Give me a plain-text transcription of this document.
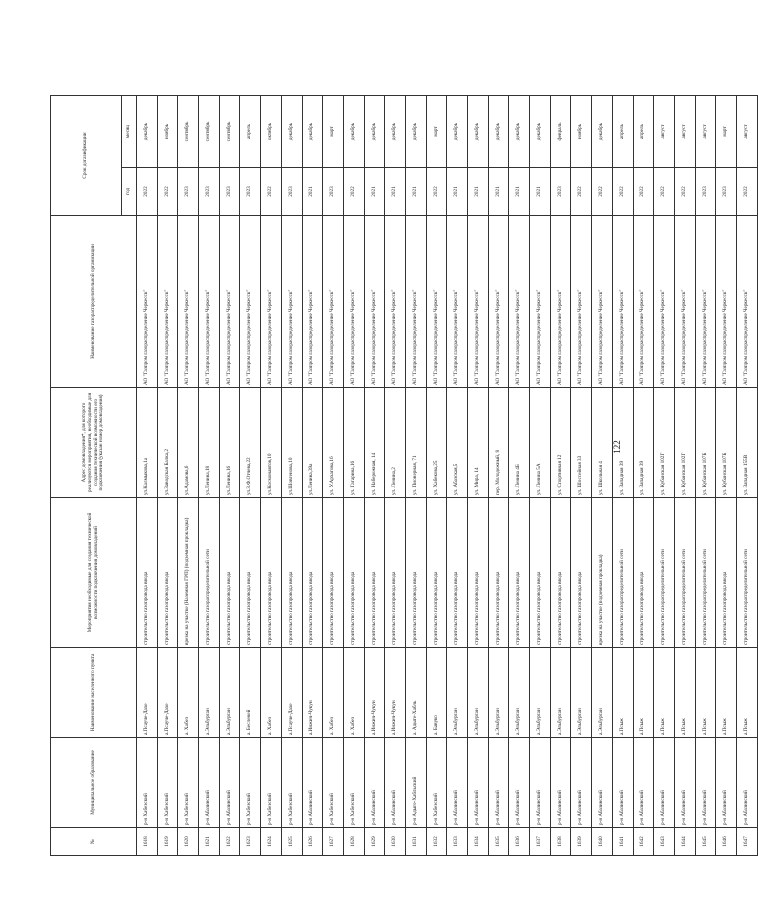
№	Муниципальное образование	Наименование населенного пункта	Мероприятия необходимые для создания технической возможности подключения домовладений	Адрес домовладения*, для которого реализуются мероприятия, необходимые для создания технической возможности его подключения (указан номер домовладения)	Наименование газораспределительной организации	Срок догазификации	
						год	месяц
1618	р-н Хабезский	а.Псауче-Дахе	строительство газопровода ввода	ул.Калмыкова,1а	АО "Газпром газораспределение Черкесск"	2022	декабрь
1619	р-н Хабезский	а.Псауче-Дахе	строительство газопровода ввода	ул.Заводская Балка,2	АО "Газпром газораспределение Черкесск"	2022	ноябрь
1620	р-н Хабезский	а. Хабез	врезка на участке (Наземная ГРП) (подземная прокладка)	ул.Адамова,6	АО "Газпром газораспределение Черкесск"	2023	сентябрь
1621	р-н Абазинский	а.Эльбурган	строительство газораспределительной сети	ул.Ленина,18	АО "Газпром газораспределение Черкесск"	2023	сентябрь
1622	р-н Абазинский	а.Эльбурган	строительство газопровода ввода	ул.Ленина,16	АО "Газпром газораспределение Черкесск"	2023	сентябрь
1623	р-н Хабезский	а. Бесленей	строительство газопровода ввода	ул.З.Ф.Отчева,22	АО "Газпром газораспределение Черкесск"	2023	апрель
1624	р-н Хабезский	а. Хабез	строительство газопровода ввода	ул.Космонавтов,10	АО "Газпром газораспределение Черкесск"	2022	октябрь
1625	р-н Хабезский	а.Псауче-Дахе	строительство газопровода ввода	ул.Шовгенова,10	АО "Газпром газораспределение Черкесск"	2023	декабрь
1626	р-н Абазинский	а.Инжич-Чукун	строительство газопровода ввода	ул.Ленина,39а	АО "Газпром газораспределение Черкесск"	2021	декабрь
1627	р-н Хабезский	а. Хабез	строительство газопровода ввода	ул. У.Архагова,16	АО "Газпром газораспределение Черкесск"	2023	март
1628	р-н Хабезский	а. Хабез	строительство газопровода ввода	ул. Гагарина,16	АО "Газпром газораспределение Черкесск"	2022	декабрь
1629	р-н Абазинский	а.Инжич-Чукун	строительство газопровода ввода	ул. Набережная, 14	АО "Газпром газораспределение Черкесск"	2021	декабрь
1630	р-н Абазинский	а.Инжич-Чукун	строительство газопровода ввода	ул. Ленина,2	АО "Газпром газораспределение Черкесск"	2021	декабрь
1631	р-н Адыге-Хабльский	а. Адыге-Хабль	строительство газопровода ввода	ул. Пионерная, 71	АО "Газпром газораспределение Черкесск"	2021	декабрь
1632	р-н Хабезский	а. Бавуко	строительство газопровода ввода	ул. Хабекова,25	АО "Газпром газораспределение Черкесск"	2022	март
1633	р-н Абазинский	а.Эльбурган	строительство газопровода ввода	ул. Абазская,5	АО "Газпром газораспределение Черкесск"	2021	декабрь
1634	р-н Абазинский	а.Эльбурган	строительство газопровода ввода	ул. Мира, 14	АО "Газпром газораспределение Черкесск"	2021	декабрь
1635	р-н Абазинский	а.Эльбурган	строительство газопровода ввода	пер. Молодежный, 8	АО "Газпром газораспределение Черкесск"	2021	декабрь
1636	р-н Абазинский	а.Эльбурган	строительство газопровода ввода	ул. Ленина 4Б	АО "Газпром газораспределение Черкесск"	2021	декабрь
1637	р-н Абазинский	а.Эльбурган	строительство газопровода ввода	ул. Ленина 5А	АО "Газпром газораспределение Черкесск"	2021	декабрь
1638	р-н Абазинский	а.Эльбурган	строительство газопровода ввода	ул. Спортивная 12	АО "Газпром газораспределение Черкесск"	2023	февраль
1639	р-н Абазинский	а.Эльбурган	строительство газопровода ввода	ул. Шоссейная 33	АО "Газпром газораспределение Черкесск"	2022	ноябрь
1640	р-н Абазинский	а.Эльбурган	врезка на участке (подземная прокладка)	ул. Школьная 4	АО "Газпром газораспределение Черкесск"	2022	декабрь
1641	р-н Абазинский	а.Псыж	строительство газораспределительной сети	ул. Западная 39	АО "Газпром газораспределение Черкесск"	2022	апрель
1642	р-н Абазинский	а.Псыж	строительство газопровода ввода	ул. Западная 39	АО "Газпром газораспределение Черкесск"	2022	апрель
1643	р-н Абазинский	а.Псыж	строительство газораспределительной сети	ул. Кубанская 102Г	АО "Газпром газораспределение Черкесск"	2022	август
1644	р-н Абазинский	а.Псыж	строительство газораспределительной сети	ул. Кубанская 102Г	АО "Газпром газораспределение Черкесск"	2022	август
1645	р-н Абазинский	а.Псыж	строительство газораспределительной сети	ул. Кубанская 107Б	АО "Газпром газораспределение Черкесск"	2023	август
1646	р-н Абазинский	а.Псыж	строительство газопровода ввода	ул. Кубанская 107Б	АО "Газпром газораспределение Черкесск"	2023	март
1647	р-н Абазинский	а.Псыж	строительство газораспределительной сети	ул. Западная 155В	АО "Газпром газораспределение Черкесск"	2022	август
122
